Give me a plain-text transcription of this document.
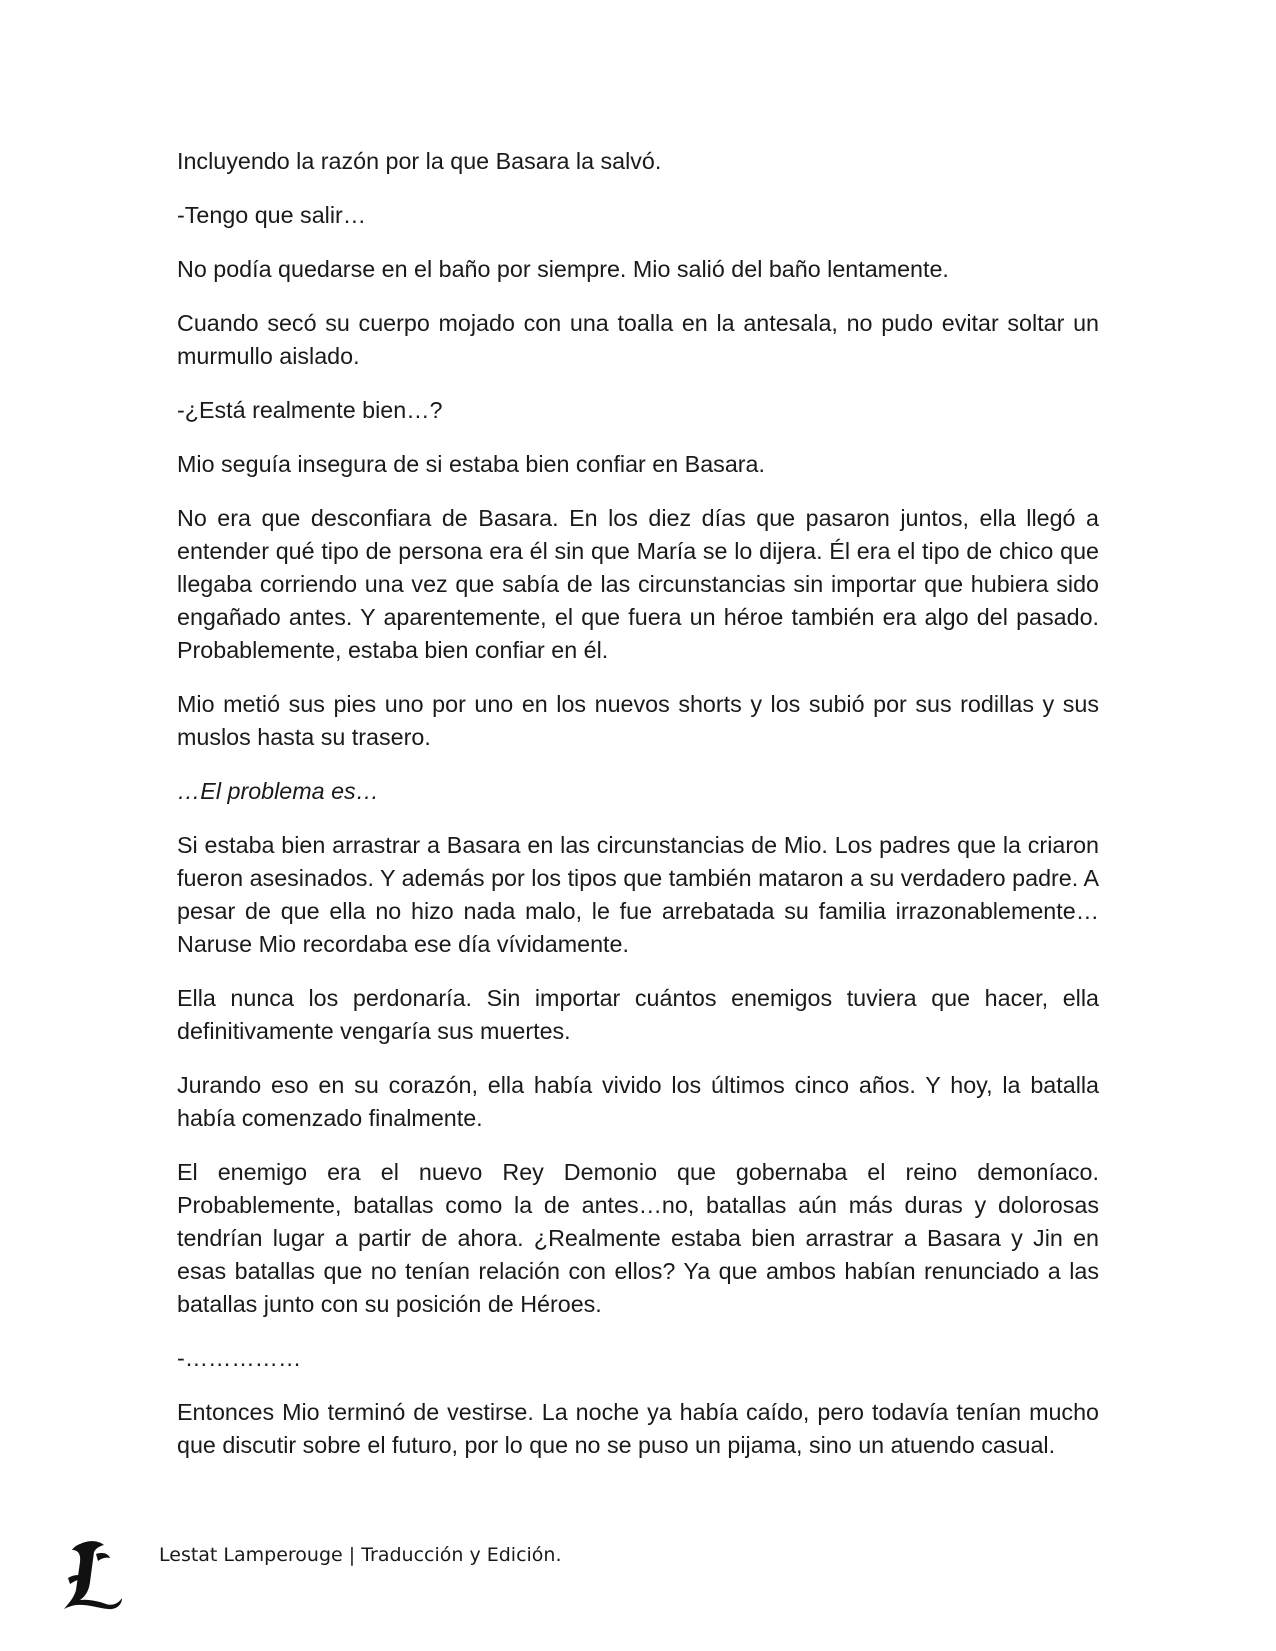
Incluyendo la razón por la que Basara la salvó.

-Tengo que salir…

No podía quedarse en el baño por siempre. Mio salió del baño lentamente.

Cuando secó su cuerpo mojado con una toalla en la antesala, no pudo evitar soltar un murmullo aislado.

-¿Está realmente bien…?

Mio seguía insegura de si estaba bien confiar en Basara.

No era que desconfiara de Basara. En los diez días que pasaron juntos, ella llegó a entender qué tipo de persona era él sin que María se lo dijera. Él era el tipo de chico que llegaba corriendo una vez que sabía de las circunstancias sin importar que hubiera sido engañado antes. Y aparentemente, el que fuera un héroe también era algo del pasado. Probablemente, estaba bien confiar en él.

Mio metió sus pies uno por uno en los nuevos shorts y los subió por sus rodillas y sus muslos hasta su trasero.

…El problema es…

Si estaba bien arrastrar a Basara en las circunstancias de Mio. Los padres que la criaron fueron asesinados. Y además por los tipos que también mataron a su verdadero padre. A pesar de que ella no hizo nada malo, le fue arrebatada su familia irrazonablemente…Naruse Mio recordaba ese día vívidamente.

Ella nunca los perdonaría. Sin importar cuántos enemigos tuviera que hacer, ella definitivamente vengaría sus muertes.

Jurando eso en su corazón, ella había vivido los últimos cinco años. Y hoy, la batalla había comenzado finalmente.

El enemigo era el nuevo Rey Demonio que gobernaba el reino demoníaco. Probablemente, batallas como la de antes…no, batallas aún más duras y dolorosas tendrían lugar a partir de ahora. ¿Realmente estaba bien arrastrar a Basara y Jin en esas batallas que no tenían relación con ellos? Ya que ambos habían renunciado a las batallas junto con su posición de Héroes.

-……………

Entonces Mio terminó de vestirse. La noche ya había caído, pero todavía tenían mucho que discutir sobre el futuro, por lo que no se puso un pijama, sino un atuendo casual.

Lestat Lamperouge | Traducción y Edición.
